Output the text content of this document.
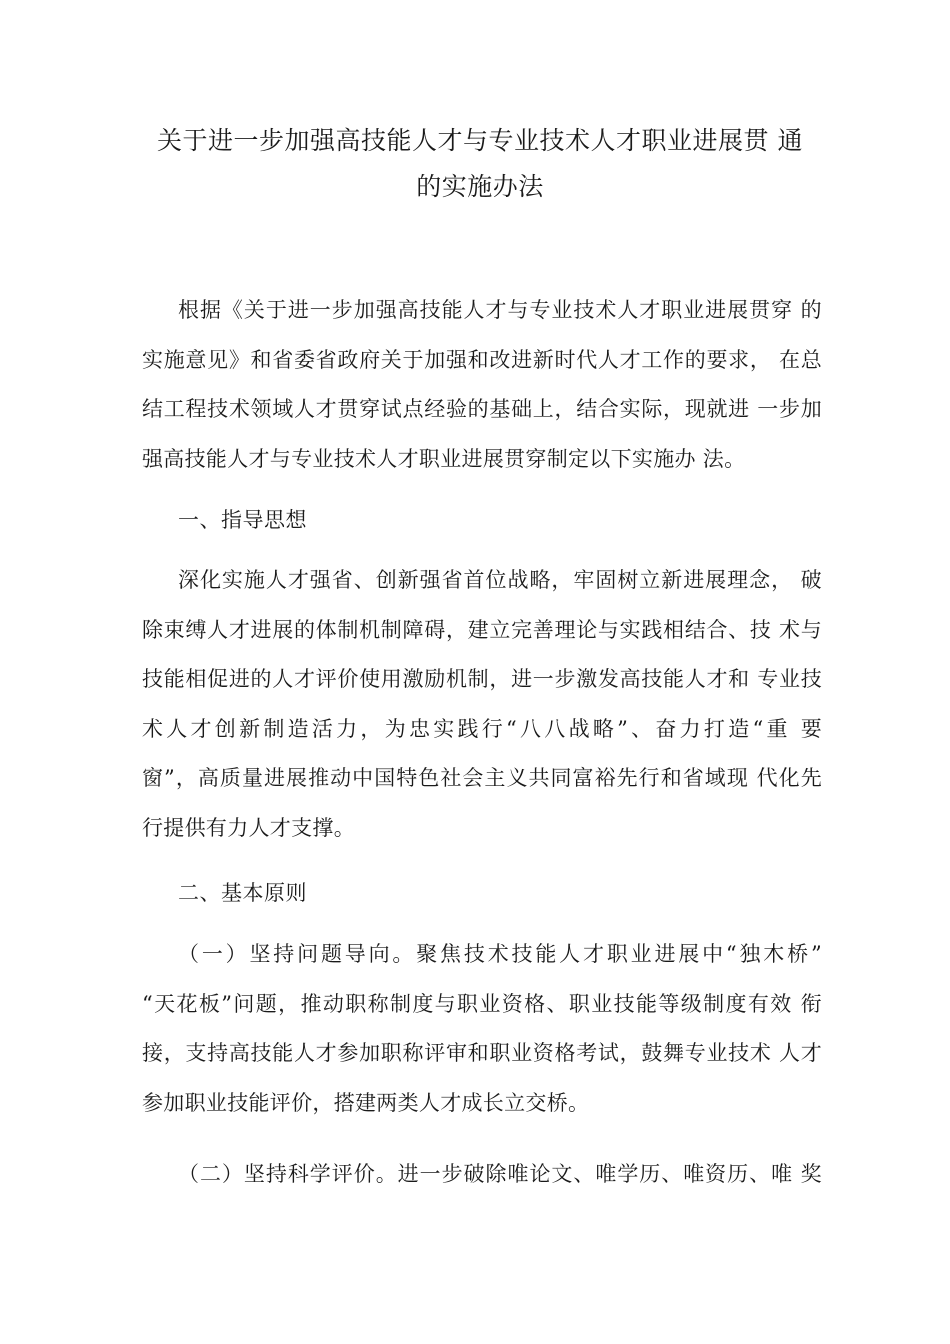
关于进一步加强高技能人才与专业技术人才职业进展贯 通
的实施办法
根据《关于进一步加强高技能人才与专业技术人才职业进展贯穿 的
实施意见》和省委省政府关于加强和改进新时代人才工作的要求， 在总
结工程技术领域人才贯穿试点经验的基础上，结合实际，现就进 一步加
强高技能人才与专业技术人才职业进展贯穿制定以下实施办 法。
一、指导思想
深化实施人才强省、创新强省首位战略，牢固树立新进展理念， 破
除束缚人才进展的体制机制障碍，建立完善理论与实践相结合、技 术与
技能相促进的人才评价使用激励机制，进一步激发高技能人才和 专业技
术人才创新制造活力，为忠实践行“八八战略”、奋力打造“重 要
窗”，高质量进展推动中国特色社会主义共同富裕先行和省域现 代化先
行提供有力人才支撑。
二、基本原则
（一）坚持问题导向。聚焦技术技能人才职业进展中“独木桥”
“天花板”问题，推动职称制度与职业资格、职业技能等级制度有效 衔
接，支持高技能人才参加职称评审和职业资格考试，鼓舞专业技术 人才
参加职业技能评价，搭建两类人才成长立交桥。
（二）坚持科学评价。进一步破除唯论文、唯学历、唯资历、唯 奖
